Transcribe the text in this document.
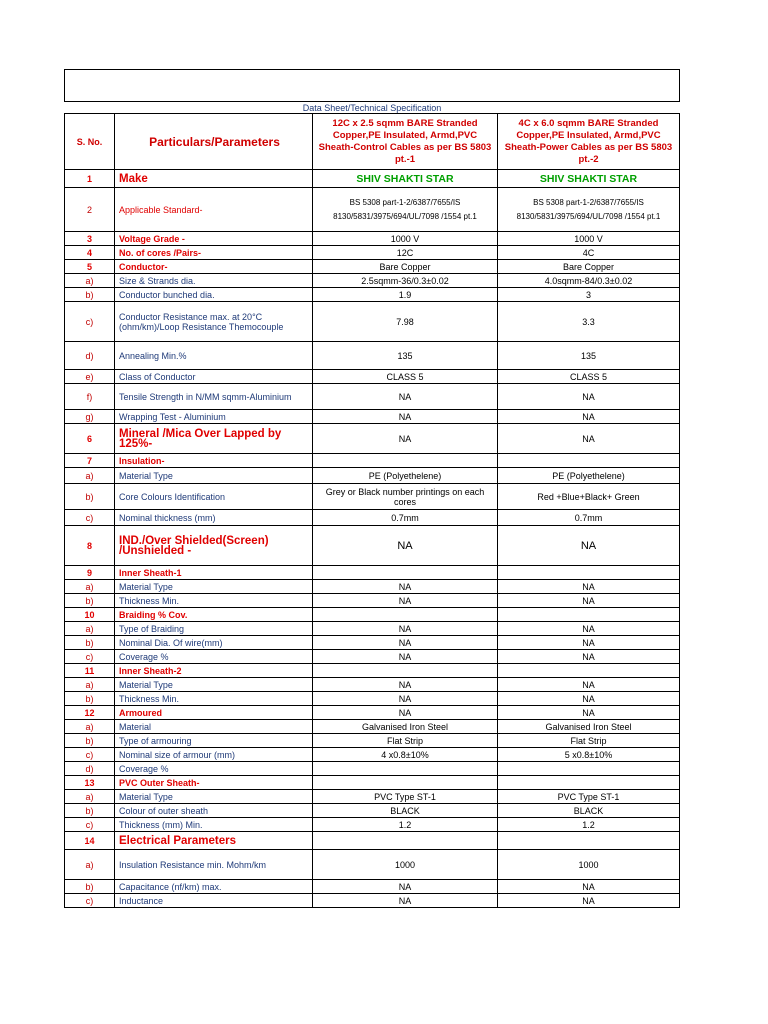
Data Sheet/Technical Specification			
S. No.	Particulars/Parameters	12C x 2.5 sqmm BARE Stranded Copper,PE Insulated, Armd,PVC Sheath-Control Cables as per BS 5803 pt.-1	4C x 6.0 sqmm BARE Stranded Copper,PE Insulated, Armd,PVC Sheath-Power Cables as per BS 5803 pt.-2
1	Make	SHIV SHAKTI STAR	SHIV SHAKTI STAR
2	Applicable Standard-	BS 5308 part-1-2/6387/7655/IS 8130/5831/3975/694/UL/7098 /1554 pt.1	BS 5308 part-1-2/6387/7655/IS 8130/5831/3975/694/UL/7098 /1554 pt.1
3	Voltage Grade -	1000 V	1000 V
4	No. of cores /Pairs-	12C	4C
5	Conductor-	Bare Copper	Bare Copper
a)	Size & Strands dia.	2.5sqmm-36/0.3±0.02	4.0sqmm-84/0.3±0.02
b)	Conductor bunched dia.	1.9	3
c)	Conductor Resistance max. at 20°C (ohm/km)/Loop Resistance Themocouple	7.98	3.3
d)	Annealing Min.%	135	135
e)	Class of Conductor	CLASS 5	CLASS 5
f)	Tensile Strength in N/MM sqmm-Aluminium	NA	NA
g)	Wrapping Test - Aluminium	NA	NA
6	Mineral /Mica Over Lapped by 125%-	NA	NA
7	Insulation-		
a)	Material Type	PE (Polyethelene)	PE (Polyethelene)
b)	Core Colours Identification	Grey or Black number printings on each cores	Red +Blue+Black+ Green
c)	Nominal thickness (mm)	0.7mm	0.7mm
8	IND./Over Shielded(Screen) /Unshielded -	NA	NA
9	Inner Sheath-1		
a)	Material Type	NA	NA
b)	Thickness Min.	NA	NA
10	Braiding % Cov.		
a)	Type of Braiding	NA	NA
b)	Nominal Dia. Of wire(mm)	NA	NA
c)	Coverage %	NA	NA
11	Inner Sheath-2		
a)	Material Type	NA	NA
b)	Thickness Min.	NA	NA
12	Armoured	NA	NA
a)	Material	Galvanised Iron Steel	Galvanised Iron Steel
b)	Type of armouring	Flat Strip	Flat Strip
c)	Nominal size of armour (mm)	4 x0.8±10%	5 x0.8±10%
d)	Coverage %		
13	PVC Outer Sheath-		
a)	Material Type	PVC Type ST-1	PVC Type ST-1
b)	Colour of outer sheath	BLACK	BLACK
c)	Thickness (mm) Min.	1.2	1.2
14	Electrical Parameters		
a)	Insulation Resistance min. Mohm/km	1000	1000
b)	Capacitance (nf/km) max.	NA	NA
c)	Inductance	NA	NA
